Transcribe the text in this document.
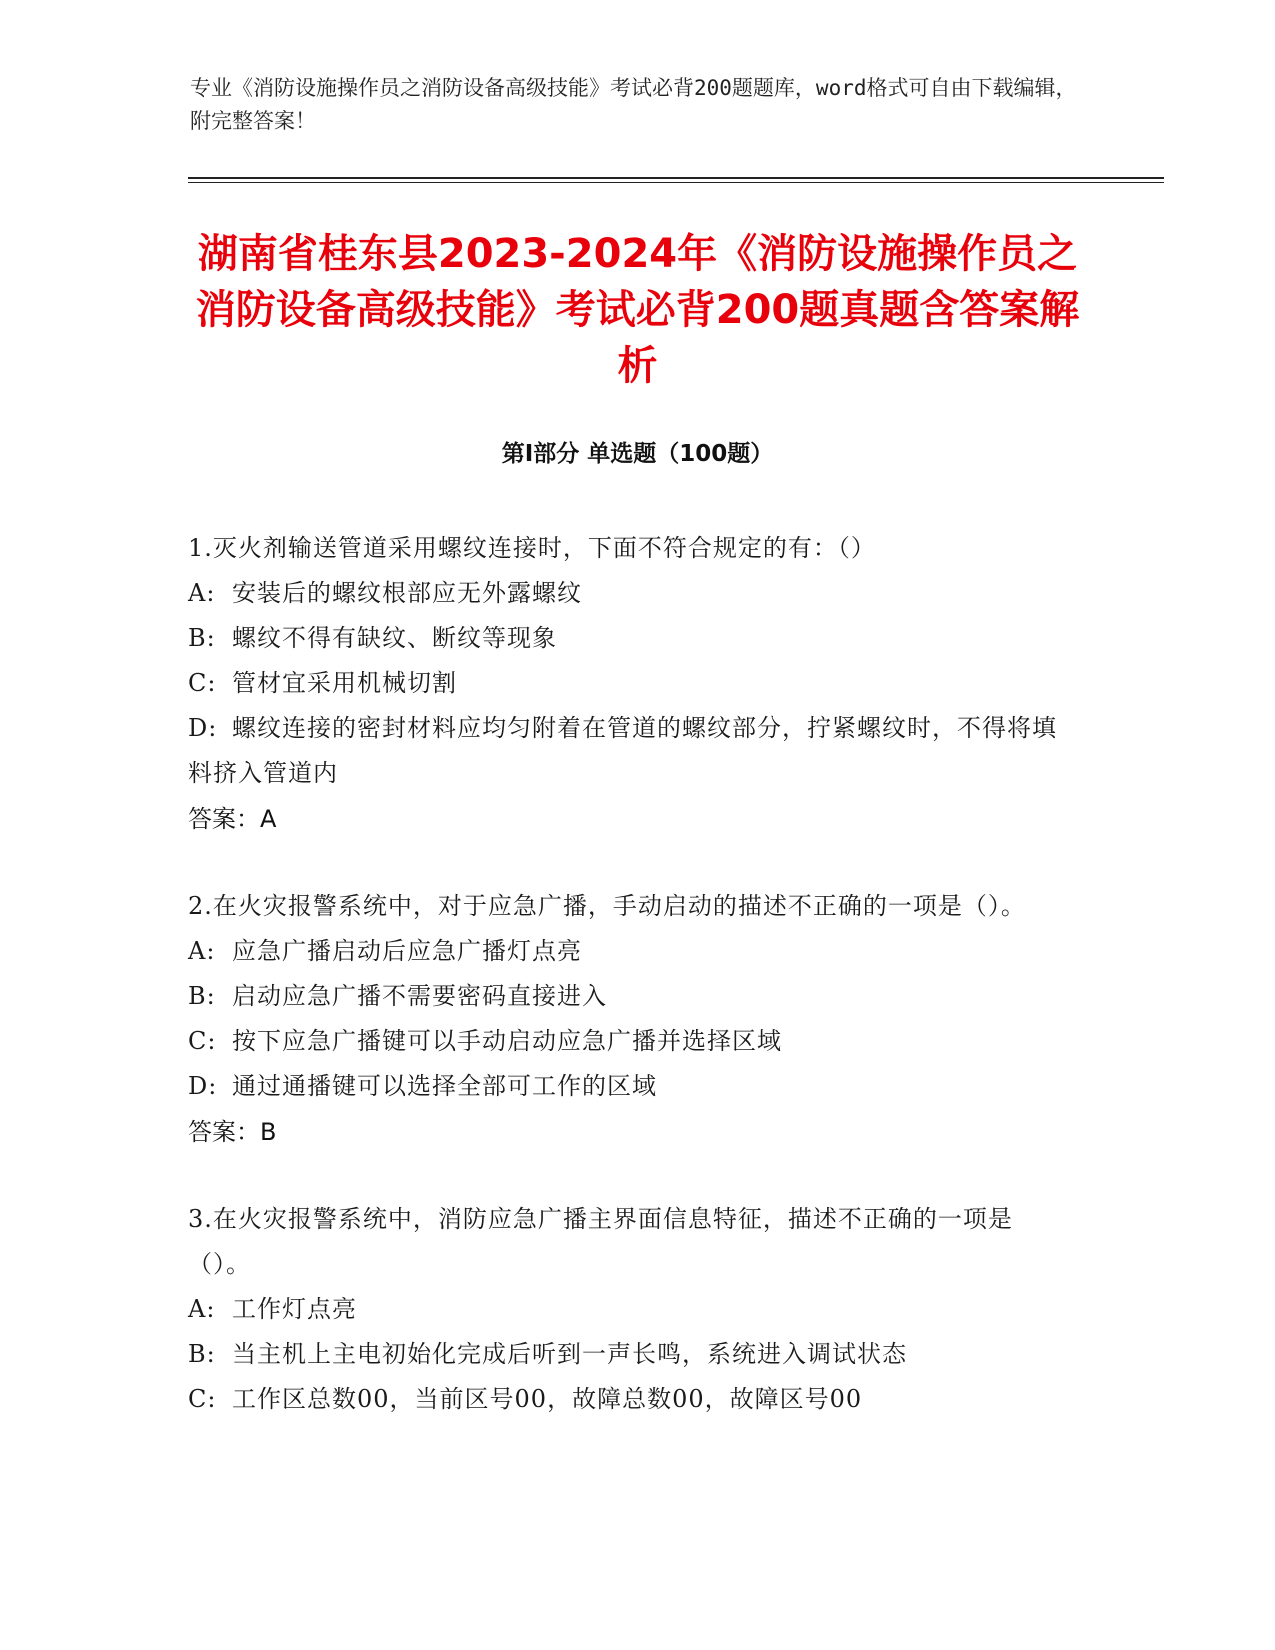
专业《消防设施操作员之消防设备高级技能》考试必背200题题库，word格式可自由下载编辑，附完整答案！
湖南省桂东县2023-2024年《消防设施操作员之消防设备高级技能》考试必背200题真题含答案解析
第Ⅰ部分 单选题（100题）
1.灭火剂输送管道采用螺纹连接时，下面不符合规定的有：（）
A: 安装后的螺纹根部应无外露螺纹
B: 螺纹不得有缺纹、断纹等现象
C: 管材宜采用机械切割
D: 螺纹连接的密封材料应均匀附着在管道的螺纹部分，拧紧螺纹时，不得将填料挤入管道内
答案：A
2.在火灾报警系统中，对于应急广播，手动启动的描述不正确的一项是（）。
A: 应急广播启动后应急广播灯点亮
B: 启动应急广播不需要密码直接进入
C: 按下应急广播键可以手动启动应急广播并选择区域
D: 通过通播键可以选择全部可工作的区域
答案：B
3.在火灾报警系统中，消防应急广播主界面信息特征，描述不正确的一项是（）。
A: 工作灯点亮
B: 当主机上主电初始化完成后听到一声长鸣，系统进入调试状态
C: 工作区总数00，当前区号00，故障总数00，故障区号00
